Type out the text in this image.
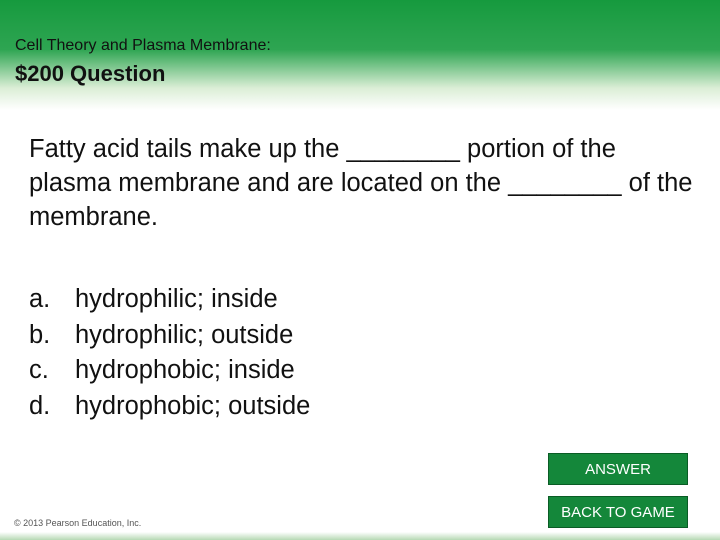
Cell Theory and Plasma Membrane:
$200 Question
Fatty acid tails make up the ________ portion of the plasma membrane and are located on the ________ of the membrane.
a. hydrophilic; inside
b. hydrophilic; outside
c.	hydrophobic; inside
d. hydrophobic; outside
ANSWER
BACK TO GAME
© 2013 Pearson Education, Inc.
